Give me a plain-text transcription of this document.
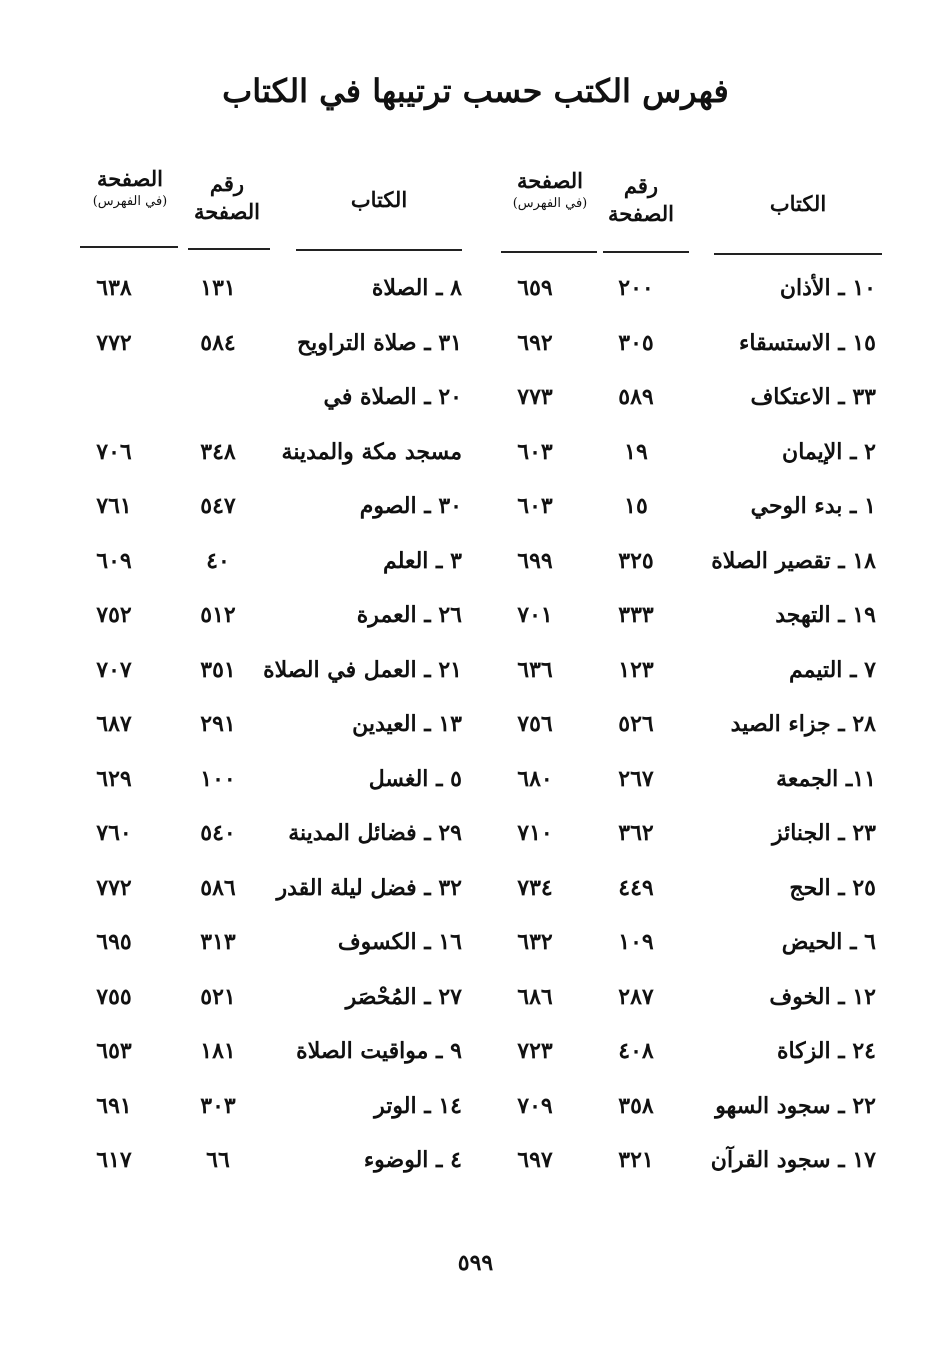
فهرس الكتب حسب ترتيبها في الكتاب
الكتاب
رقم
الصفحة
الصفحة
(في الفهرس)
الكتاب
رقم
الصفحة
الصفحة
(في الفهرس)
١٠ ـ الأذان
٢٠٠
٦٥٩
٨ ـ الصلاة
١٣١
٦٣٨
١٥ ـ الاستسقاء
٣٠٥
٦٩٢
٣١ ـ صلاة التراويح
٥٨٤
٧٧٢
٣٣ ـ الاعتكاف
٥٨٩
٧٧٣
٢٠ ـ الصلاة في
٢ ـ الإيمان
١٩
٦٠٣
مسجد مكة والمدينة
٣٤٨
٧٠٦
١ ـ بدء الوحي
١٥
٦٠٣
٣٠ ـ الصوم
٥٤٧
٧٦١
١٨ ـ تقصير الصلاة
٣٢٥
٦٩٩
٣ ـ العلم
٤٠
٦٠٩
١٩ ـ التهجد
٣٣٣
٧٠١
٢٦ ـ العمرة
٥١٢
٧٥٢
٧ ـ التيمم
١٢٣
٦٣٦
٢١ ـ العمل في الصلاة
٣٥١
٧٠٧
٢٨ ـ جزاء الصيد
٥٢٦
٧٥٦
١٣ ـ العيدين
٢٩١
٦٨٧
١١ـ الجمعة
٢٦٧
٦٨٠
٥ ـ الغسل
١٠٠
٦٢٩
٢٣ ـ الجنائز
٣٦٢
٧١٠
٢٩ ـ فضائل المدينة
٥٤٠
٧٦٠
٢٥ ـ الحج
٤٤٩
٧٣٤
٣٢ ـ فضل ليلة القدر
٥٨٦
٧٧٢
٦ ـ الحيض
١٠٩
٦٣٢
١٦ ـ الكسوف
٣١٣
٦٩٥
١٢ ـ الخوف
٢٨٧
٦٨٦
٢٧ ـ المُحْصَر
٥٢١
٧٥٥
٢٤ ـ الزكاة
٤٠٨
٧٢٣
٩ ـ مواقيت الصلاة
١٨١
٦٥٣
٢٢ ـ سجود السهو
٣٥٨
٧٠٩
١٤ ـ الوتر
٣٠٣
٦٩١
١٧ ـ سجود القرآن
٣٢١
٦٩٧
٤ ـ الوضوء
٦٦
٦١٧
٥٩٩
